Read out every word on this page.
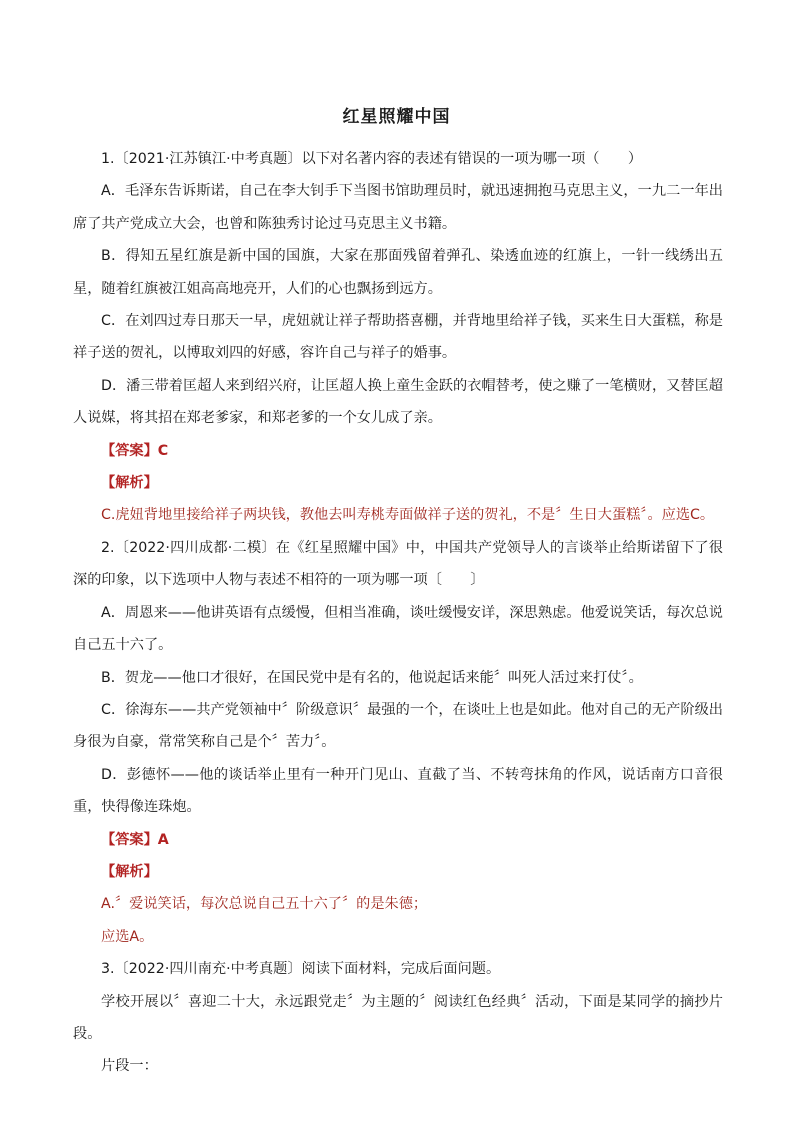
红星照耀中国

1.〔2021·江苏镇江·中考真题〕以下对名著内容的表述有错误的一项为哪一项（　　）

A．毛泽东告诉斯诺，自己在李大钊手下当图书馆助理员时，就迅速拥抱马克思主义，一九二一年出席了共产党成立大会，也曾和陈独秀讨论过马克思主义书籍。

B．得知五星红旗是新中国的国旗，大家在那面残留着弹孔、染透血迹的红旗上，一针一线绣出五星，随着红旗被江姐高高地亮开，人们的心也飘扬到远方。

C．在刘四过寿日那天一早，虎妞就让祥子帮助搭喜棚，并背地里给祥子钱，买来生日大蛋糕，称是祥子送的贺礼，以博取刘四的好感，容许自己与祥子的婚事。

D．潘三带着匡超人来到绍兴府，让匡超人换上童生金跃的衣帽替考，使之赚了一笔横财，又替匡超人说媒，将其招在郑老爹家，和郑老爹的一个女儿成了亲。

【答案】C

【解析】

C.虎妞背地里接给祥子两块钱，教他去叫寿桃寿面做祥子送的贺礼，不是〞生日大蛋糕〞。应选C。

2.〔2022·四川成都·二模〕在《红星照耀中国》中，中国共产党领导人的言谈举止给斯诺留下了很深的印象，以下选项中人物与表述不相符的一项为哪一项〔　　〕

A．周恩来——他讲英语有点缓慢，但相当准确，谈吐缓慢安详，深思熟虑。他爱说笑话，每次总说自己五十六了。

B．贺龙——他口才很好，在国民党中是有名的，他说起话来能〞叫死人活过来打仗〞。

C．徐海东——共产党领袖中〞阶级意识〞最强的一个，在谈吐上也是如此。他对自己的无产阶级出身很为自豪，常常笑称自己是个〞苦力〞。

D．彭德怀——他的谈话举止里有一种开门见山、直截了当、不转弯抹角的作风，说话南方口音很重，快得像连珠炮。

【答案】A

【解析】

A.〞爱说笑话，每次总说自己五十六了〞的是朱德；

应选A。

3.〔2022·四川南充·中考真题〕阅读下面材料，完成后面问题。

学校开展以〞喜迎二十大，永远跟党走〞为主题的〞阅读红色经典〞活动，下面是某同学的摘抄片段。

片段一：
